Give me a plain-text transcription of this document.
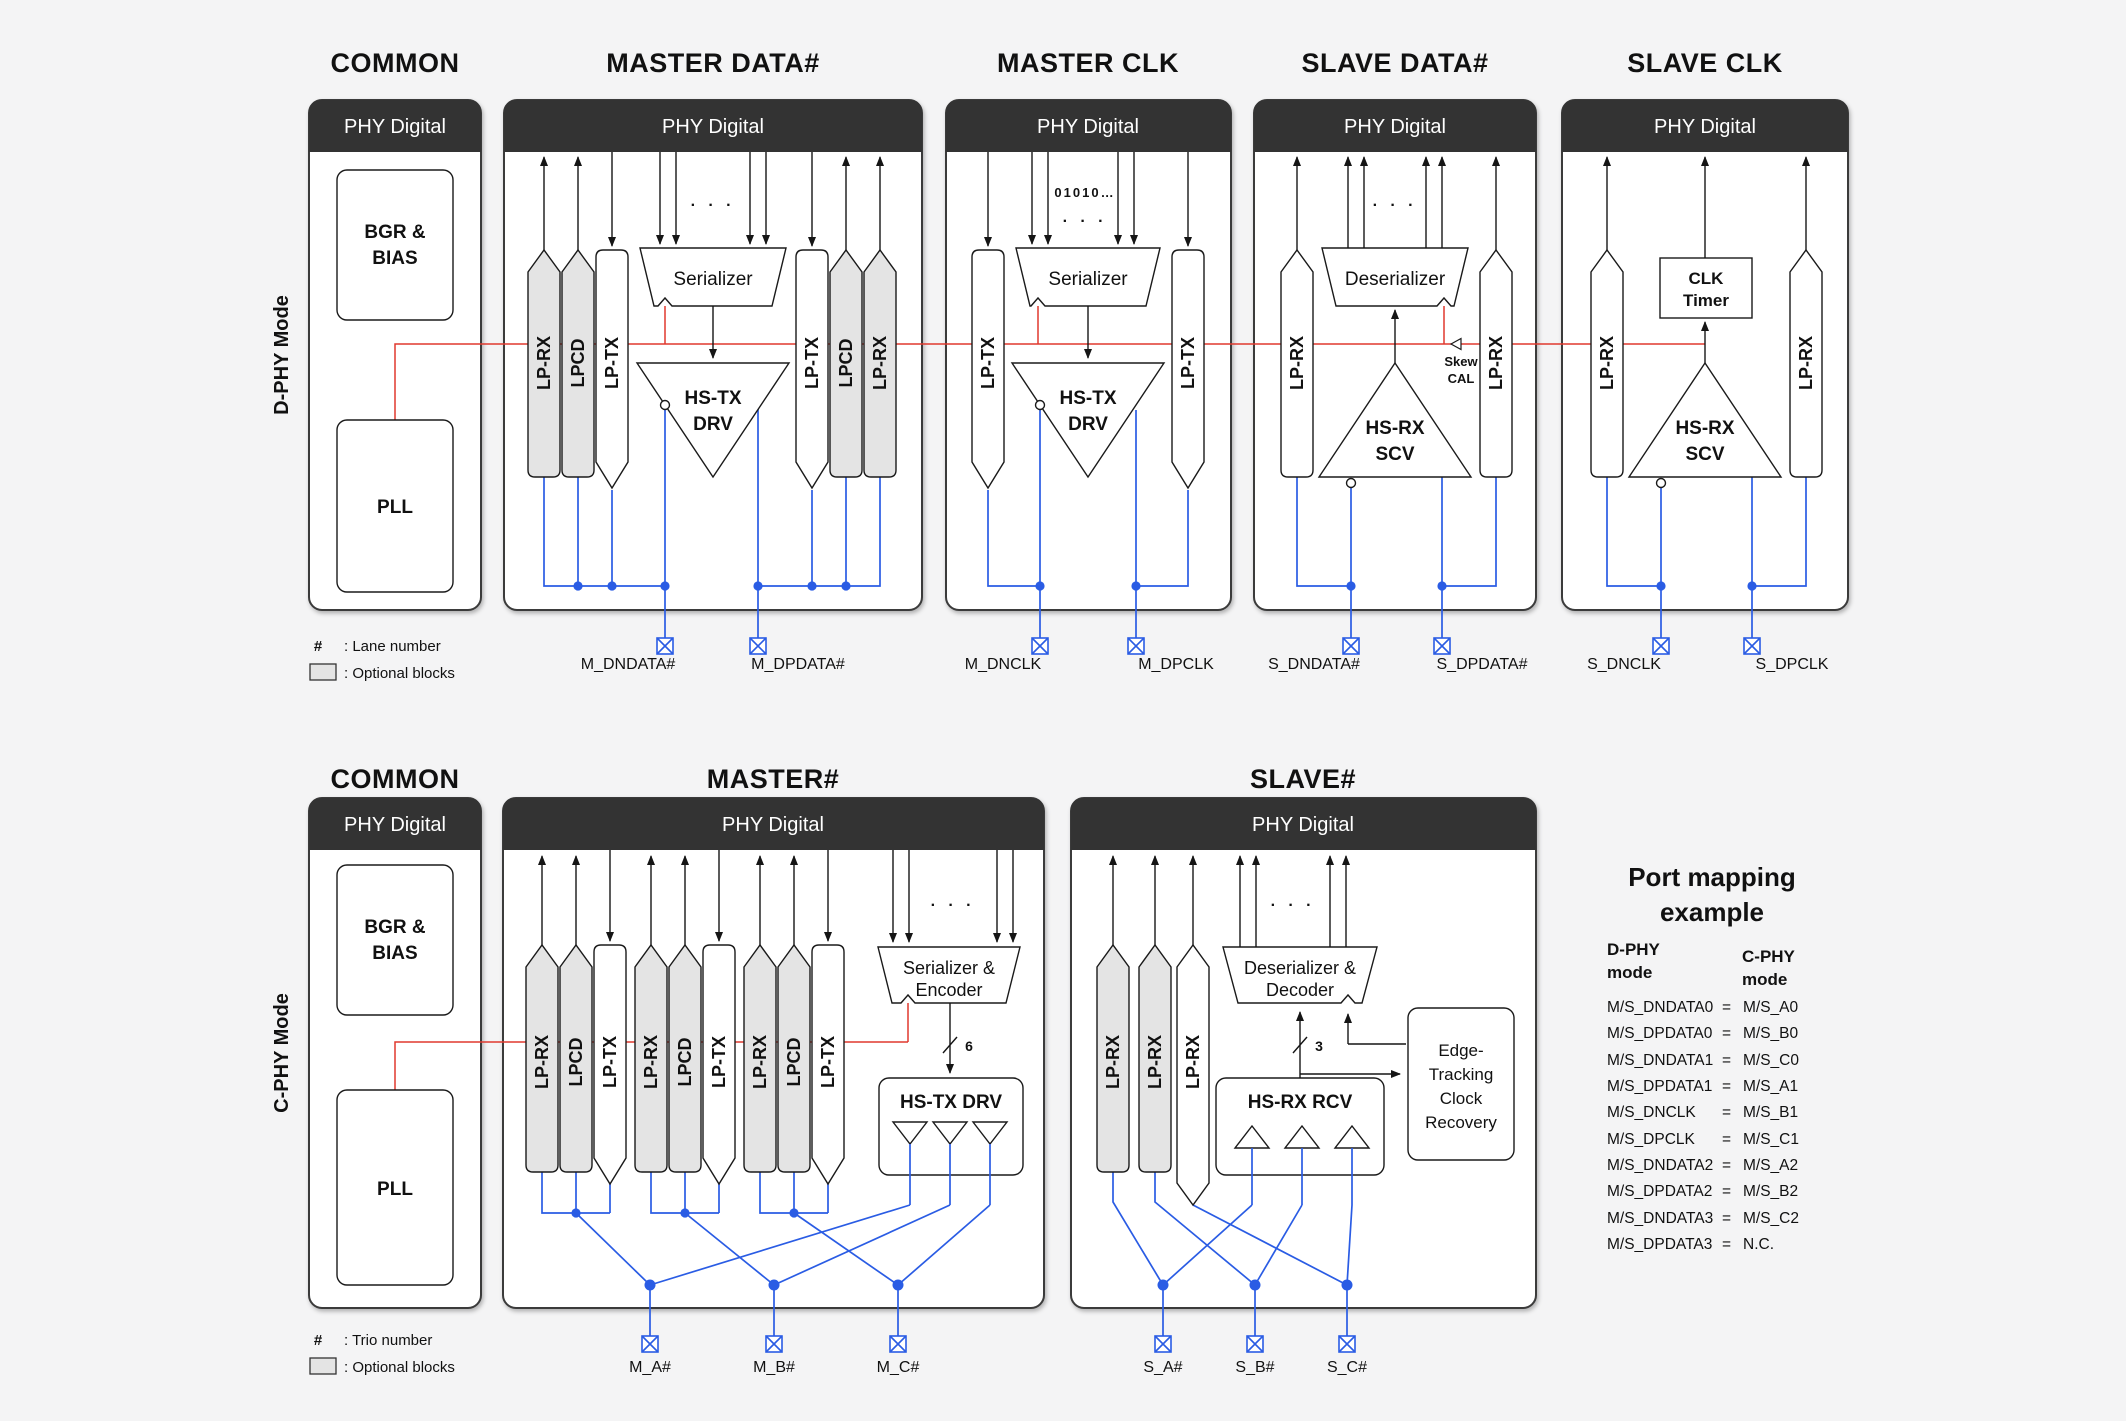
COMMON	MASTER DATA#	MASTER CLK	SLAVE DATA#	SLAVE CLK
COMMON	MASTER#	SLAVE#
D-PHY Mode
C-PHY Mode
PHY Digital	PHY Digital	PHY Digital	PHY Digital	PHY Digital
PHY Digital	PHY Digital	PHY Digital
BGR &
BIAS
PLL
BGR &
BIAS
PLL
LP-RX LPCD LP-TX	LP-TX LPCD LP-RX	LP-TX	LP-TX	LP-RX	LP-RX	LP-RX	LP-RX
Serializer	Serializer	Deserializer
HS-TX
DRV
HS-TX
DRV	HS-RX
SCV
HS-RX
SCV
CLK
Timer
Skew
CAL
01010…
· · ·
· · ·	· · ·
· · ·	· · ·
LP-RX LPCD LP-TX LP-RX LPCD LP-TX LP-RX LPCD LP-TX	LP-RX LP-RX LP-RX
Serializer &
Encoder
Deserializer &
Decoder
HS-TX DRV	HS-RX RCV
Edge-
Tracking
Clock
Recovery
6	3
M_DNDATA#	M_DPDATA#	M_DNCLK	M_DPCLK	S_DNDATA#	S_DPDATA#	S_DNCLK	S_DPCLK
M_A#	M_B#	M_C#	S_A#	S_B#	S_C#
# : Lane number
: Optional blocks
# : Trio number
: Optional blocks
Port mapping
example
D-PHY
mode
C-PHY
mode
M/S_DNDATA0 = M/S_A0
M/S_DPDATA0 = M/S_B0
M/S_DNDATA1 = M/S_C0
M/S_DPDATA1 = M/S_A1
M/S_DNCLK = M/S_B1
M/S_DPCLK = M/S_C1
M/S_DNDATA2 = M/S_A2
M/S_DPDATA2 = M/S_B2
M/S_DNDATA3 = M/S_C2
M/S_DPDATA3 = N.C.
